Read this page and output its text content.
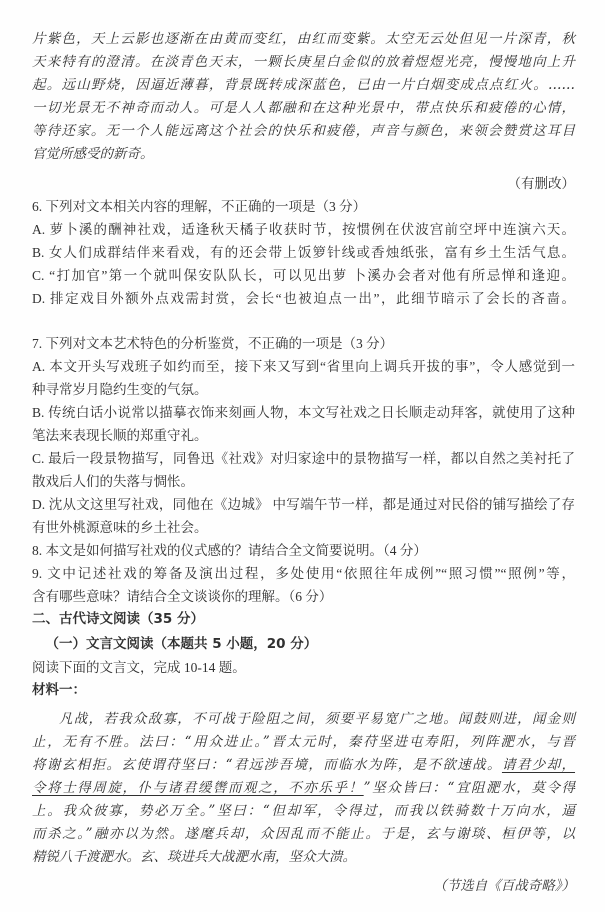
片紫色，天上云影也逐渐在由黄而变红，由红而变紫。太空无云处但见一片深青，秋
天来特有的澄清。在淡青色天末，一颗长庚星白金似的放着煜煜光亮，慢慢地向上升
起。远山野烧，因逼近薄暮，背景既转成深蓝色，已由一片白烟变成点点红火。……
一切光景无不神奇而动人。可是人人都融和在这种光景中，带点快乐和疲倦的心情，
等待还家。无一个人能远离这个社会的快乐和疲倦，声音与颜色，来领会赞赏这耳目
官觉所感受的新奇。
（有删改）
6. 下列对文本相关内容的理解，不正确的一项是（3 分）
A. 萝卜溪的酬神社戏，适逢秋天橘子收获时节，按惯例在伏波宫前空坪中连演六天。
B. 女人们成群结伴来看戏，有的还会带上饭箩针线或香烛纸张，富有乡土生活气息。
C. “打加官”第一个就叫保安队队长，可以见出萝 卜溪办会者对他有所忌惮和逢迎。
D. 排定戏目外额外点戏需封赏，会长“也被迫点一出”，此细节暗示了会长的吝啬。
7. 下列对文本艺术特色的分析鉴赏，不正确的一项是（3 分）
A. 本文开头写戏班子如约而至，接下来又写到“省里向上调兵开拔的事”，令人感觉到一
种寻常岁月隐约生变的气氛。
B. 传统白话小说常以描摹衣饰来刻画人物，本文写社戏之日长顺走动拜客，就使用了这种
笔法来表现长顺的郑重守礼。
C. 最后一段景物描写，同鲁迅《社戏》对归家途中的景物描写一样，都以自然之美衬托了
散戏后人们的失落与惆怅。
D. 沈从文这里写社戏，同他在《边城》 中写端午节一样，都是通过对民俗的铺写描绘了存
有世外桃源意味的乡土社会。
8. 本文是如何描写社戏的仪式感的？请结合全文简要说明。（4 分）
9. 文中记述社戏的筹备及演出过程，多处使用“依照往年成例”“照习惯”“照例”等，
含有哪些意味？请结合全文谈谈你的理解。（6 分）
二、古代诗文阅读（35 分）
（一）文言文阅读（本题共 5 小题，20 分）
阅读下面的文言文，完成 10-14 题。
材料一：
凡战，若我众敌寡，不可战于险阻之间，须要平易宽广之地。闻鼓则进，闻金则
止，无有不胜。法曰：“用众进止。”晋太元时，秦苻坚进屯寿阳，列阵淝水，与晋
将谢玄相拒。玄使谓苻坚曰：“君远涉吾境，而临水为阵，是不欲速战。请君少却，
令将士得周旋，仆与诸君缓辔而观之，不亦乐乎！”坚众皆曰：“宜阻淝水，莫令得
上。我众彼寡，势必万全。”坚曰：“但却军，令得过，而我以铁骑数十万向水，逼
而杀之。”融亦以为然。遂麾兵却，众因乱而不能止。于是，玄与谢琰、桓伊等，以
精锐八千渡淝水。玄、琰进兵大战淝水南，坚众大溃。
（节选自《百战奇略》）
